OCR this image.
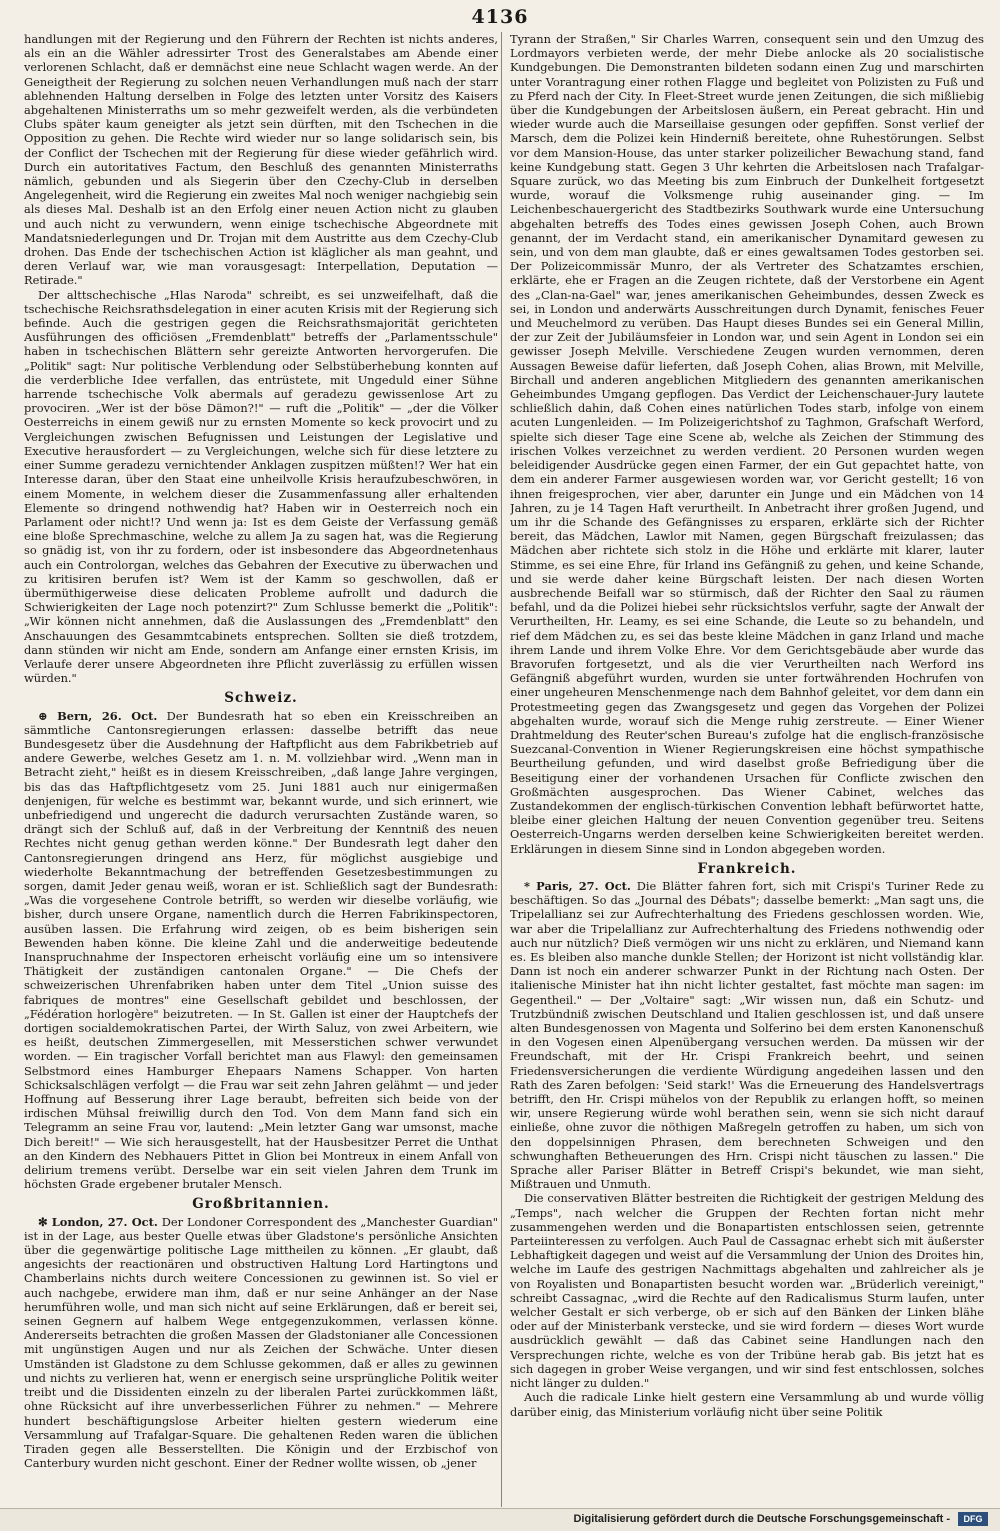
4136

handlungen mit der Regierung und den Führern der Rechten ist nichts anderes, als ein an die Wähler adressirter Trost des Generalstabes am Abende einer verlorenen Schlacht, daß er demnächst eine neue Schlacht wagen werde. An der Geneigtheit der Regierung zu solchen neuen Verhandlungen muß nach der starr ablehnenden Haltung derselben in Folge des letzten unter Vorsitz des Kaisers abgehaltenen Ministerraths um so mehr gezweifelt werden, als die verbündeten Clubs später kaum geneigter als jetzt sein dürften, mit den Tschechen in die Opposition zu gehen. Die Rechte wird wieder nur so lange solidarisch sein, bis der Conflict der Tschechen mit der Regierung für diese wieder gefährlich wird. Durch ein autoritatives Factum, den Beschluß des genannten Ministerraths nämlich, gebunden und als Siegerin über den Czechy-Club in derselben Angelegenheit, wird die Regierung ein zweites Mal noch weniger nachgiebig sein als dieses Mal. Deshalb ist an den Erfolg einer neuen Action nicht zu glauben und auch nicht zu verwundern, wenn einige tschechische Abgeordnete mit Mandatsniederlegungen und Dr. Trojan mit dem Austritte aus dem Czechy-Club drohen. Das Ende der tschechischen Action ist kläglicher als man geahnt, und deren Verlauf war, wie man vorausgesagt: Interpellation, Deputation — Retirade."

Der alttschechische „Hlas Naroda" schreibt, es sei unzweifelhaft, daß die tschechische Reichsrathsdelegation in einer acuten Krisis mit der Regierung sich befinde. Auch die gestrigen gegen die Reichsrathsmajorität gerichteten Ausführungen des officiösen „Fremdenblatt" betreffs der „Parlamentsschule" haben in tschechischen Blättern sehr gereizte Antworten hervorgerufen. Die „Politik" sagt: Nur politische Verblendung oder Selbstüberhebung konnten auf die verderbliche Idee verfallen, das entrüstete, mit Ungeduld einer Sühne harrende tschechische Volk abermals auf geradezu gewissenlose Art zu provociren. „Wer ist der böse Dämon?!" — ruft die „Politik" — „der die Völker Oesterreichs in einem gewiß nur zu ernsten Momente so keck provocirt und zu Vergleichungen zwischen Befugnissen und Leistungen der Legislative und Executive herausfordert — zu Vergleichungen, welche sich für diese letztere zu einer Summe geradezu vernichtender Anklagen zuspitzen müßten!? Wer hat ein Interesse daran, über den Staat eine unheilvolle Krisis heraufzubeschwören, in einem Momente, in welchem dieser die Zusammenfassung aller erhaltenden Elemente so dringend nothwendig hat? Haben wir in Oesterreich noch ein Parlament oder nicht!? Und wenn ja: Ist es dem Geiste der Verfassung gemäß eine bloße Sprechmaschine, welche zu allem Ja zu sagen hat, was die Regierung so gnädig ist, von ihr zu fordern, oder ist insbesondere das Abgeordnetenhaus auch ein Controlorgan, welches das Gebahren der Executive zu überwachen und zu kritisiren berufen ist? Wem ist der Kamm so geschwollen, daß er übermüthigerweise diese delicaten Probleme aufrollt und dadurch die Schwierigkeiten der Lage noch potenzirt?" Zum Schlusse bemerkt die „Politik": „Wir können nicht annehmen, daß die Auslassungen des „Fremdenblatt" den Anschauungen des Gesammtcabinets entsprechen. Sollten sie dieß trotzdem, dann stünden wir nicht am Ende, sondern am Anfange einer ernsten Krisis, im Verlaufe derer unsere Abgeordneten ihre Pflicht zuverlässig zu erfüllen wissen würden."

Schweiz.

⊕ Bern, 26. Oct. Der Bundesrath hat so eben ein Kreisschreiben an sämmtliche Cantonsregierungen erlassen: dasselbe betrifft das neue Bundesgesetz über die Ausdehnung der Haftpflicht aus dem Fabrikbetrieb auf andere Gewerbe, welches Gesetz am 1. n. M. vollziehbar wird. „Wenn man in Betracht zieht," heißt es in diesem Kreisschreiben, „daß lange Jahre vergingen, bis das das Haftpflichtgesetz vom 25. Juni 1881 auch nur einigermaßen denjenigen, für welche es bestimmt war, bekannt wurde, und sich erinnert, wie unbefriedigend und ungerecht die dadurch verursachten Zustände waren, so drängt sich der Schluß auf, daß in der Verbreitung der Kenntniß des neuen Rechtes nicht genug gethan werden könne." Der Bundesrath legt daher den Cantonsregierungen dringend ans Herz, für möglichst ausgiebige und wiederholte Bekanntmachung der betreffenden Gesetzesbestimmungen zu sorgen, damit Jeder genau weiß, woran er ist. Schließlich sagt der Bundesrath: „Was die vorgesehene Controle betrifft, so werden wir dieselbe vorläufig, wie bisher, durch unsere Organe, namentlich durch die Herren Fabrikinspectoren, ausüben lassen. Die Erfahrung wird zeigen, ob es beim bisherigen sein Bewenden haben könne. Die kleine Zahl und die anderweitige bedeutende Inanspruchnahme der Inspectoren erheischt vorläufig eine um so intensivere Thätigkeit der zuständigen cantonalen Organe." — Die Chefs der schweizerischen Uhrenfabriken haben unter dem Titel „Union suisse des fabriques de montres" eine Gesellschaft gebildet und beschlossen, der „Fédération horlogère" beizutreten. — In St. Gallen ist einer der Hauptchefs der dortigen socialdemokratischen Partei, der Wirth Saluz, von zwei Arbeitern, wie es heißt, deutschen Zimmergesellen, mit Messerstichen schwer verwundet worden. — Ein tragischer Vorfall berichtet man aus Flawyl: den gemeinsamen Selbstmord eines Hamburger Ehepaars Namens Schapper. Von harten Schicksalschlägen verfolgt — die Frau war seit zehn Jahren gelähmt — und jeder Hoffnung auf Besserung ihrer Lage beraubt, befreiten sich beide von der irdischen Mühsal freiwillig durch den Tod. Von dem Mann fand sich ein Telegramm an seine Frau vor, lautend: „Mein letzter Gang war umsonst, mache Dich bereit!" — Wie sich herausgestellt, hat der Hausbesitzer Perret die Unthat an den Kindern des Nebhauers Pittet in Glion bei Montreux in einem Anfall von delirium tremens verübt. Derselbe war ein seit vielen Jahren dem Trunk im höchsten Grade ergebener brutaler Mensch.

Großbritannien.

✻ London, 27. Oct. Der Londoner Correspondent des „Manchester Guardian" ist in der Lage, aus bester Quelle etwas über Gladstone's persönliche Ansichten über die gegenwärtige politische Lage mittheilen zu können. „Er glaubt, daß angesichts der reactionären und obstructiven Haltung Lord Hartingtons und Chamberlains nichts durch weitere Concessionen zu gewinnen ist. So viel er auch nachgebe, erwidere man ihm, daß er nur seine Anhänger an der Nase herumführen wolle, und man sich nicht auf seine Erklärungen, daß er bereit sei, seinen Gegnern auf halbem Wege entgegenzukommen, verlassen könne. Andererseits betrachten die großen Massen der Gladstonianer alle Concessionen mit ungünstigen Augen und nur als Zeichen der Schwäche. Unter diesen Umständen ist Gladstone zu dem Schlusse gekommen, daß er alles zu gewinnen und nichts zu verlieren hat, wenn er energisch seine ursprüngliche Politik weiter treibt und die Dissidenten einzeln zu der liberalen Partei zurückkommen läßt, ohne Rücksicht auf ihre unverbesserlichen Führer zu nehmen." — Mehrere hundert beschäftigungslose Arbeiter hielten gestern wiederum eine Versammlung auf Trafalgar-Square. Die gehaltenen Reden waren die üblichen Tiraden gegen alle Besserstellten. Die Königin und der Erzbischof von Canterbury wurden nicht geschont. Einer der Redner wollte wissen, ob „jener

Tyrann der Straßen," Sir Charles Warren, consequent sein und den Umzug des Lordmayors verbieten werde, der mehr Diebe anlocke als 20 socialistische Kundgebungen. Die Demonstranten bildeten sodann einen Zug und marschirten unter Vorantragung einer rothen Flagge und begleitet von Polizisten zu Fuß und zu Pferd nach der City. In Fleet-Street wurde jenen Zeitungen, die sich mißliebig über die Kundgebungen der Arbeitslosen äußern, ein Pereat gebracht. Hin und wieder wurde auch die Marseillaise gesungen oder gepfiffen. Sonst verlief der Marsch, dem die Polizei kein Hinderniß bereitete, ohne Ruhestörungen. Selbst vor dem Mansion-House, das unter starker polizeilicher Bewachung stand, fand keine Kundgebung statt. Gegen 3 Uhr kehrten die Arbeitslosen nach Trafalgar-Square zurück, wo das Meeting bis zum Einbruch der Dunkelheit fortgesetzt wurde, worauf die Volksmenge ruhig auseinander ging. — Im Leichenbeschauergericht des Stadtbezirks Southwark wurde eine Untersuchung abgehalten betreffs des Todes eines gewissen Joseph Cohen, auch Brown genannt, der im Verdacht stand, ein amerikanischer Dynamitard gewesen zu sein, und von dem man glaubte, daß er eines gewaltsamen Todes gestorben sei. Der Polizeicommissär Munro, der als Vertreter des Schatzamtes erschien, erklärte, ehe er Fragen an die Zeugen richtete, daß der Verstorbene ein Agent des „Clan-na-Gael" war, jenes amerikanischen Geheimbundes, dessen Zweck es sei, in London und anderwärts Ausschreitungen durch Dynamit, fenisches Feuer und Meuchelmord zu verüben. Das Haupt dieses Bundes sei ein General Millin, der zur Zeit der Jubiläumsfeier in London war, und sein Agent in London sei ein gewisser Joseph Melville. Verschiedene Zeugen wurden vernommen, deren Aussagen Beweise dafür lieferten, daß Joseph Cohen, alias Brown, mit Melville, Birchall und anderen angeblichen Mitgliedern des genannten amerikanischen Geheimbundes Umgang gepflogen. Das Verdict der Leichenschauer-Jury lautete schließlich dahin, daß Cohen eines natürlichen Todes starb, infolge von einem acuten Lungenleiden. — Im Polizeigerichtshof zu Taghmon, Grafschaft Werford, spielte sich dieser Tage eine Scene ab, welche als Zeichen der Stimmung des irischen Volkes verzeichnet zu werden verdient. 20 Personen wurden wegen beleidigender Ausdrücke gegen einen Farmer, der ein Gut gepachtet hatte, von dem ein anderer Farmer ausgewiesen worden war, vor Gericht gestellt; 16 von ihnen freigesprochen, vier aber, darunter ein Junge und ein Mädchen von 14 Jahren, zu je 14 Tagen Haft verurtheilt. In Anbetracht ihrer großen Jugend, und um ihr die Schande des Gefängnisses zu ersparen, erklärte sich der Richter bereit, das Mädchen, Lawlor mit Namen, gegen Bürgschaft freizulassen; das Mädchen aber richtete sich stolz in die Höhe und erklärte mit klarer, lauter Stimme, es sei eine Ehre, für Irland ins Gefängniß zu gehen, und keine Schande, und sie werde daher keine Bürgschaft leisten. Der nach diesen Worten ausbrechende Beifall war so stürmisch, daß der Richter den Saal zu räumen befahl, und da die Polizei hiebei sehr rücksichtslos verfuhr, sagte der Anwalt der Verurtheilten, Hr. Leamy, es sei eine Schande, die Leute so zu behandeln, und rief dem Mädchen zu, es sei das beste kleine Mädchen in ganz Irland und mache ihrem Lande und ihrem Volke Ehre. Vor dem Gerichtsgebäude aber wurde das Bravorufen fortgesetzt, und als die vier Verurtheilten nach Werford ins Gefängniß abgeführt wurden, wurden sie unter fortwährenden Hochrufen von einer ungeheuren Menschenmenge nach dem Bahnhof geleitet, vor dem dann ein Protestmeeting gegen das Zwangsgesetz und gegen das Vorgehen der Polizei abgehalten wurde, worauf sich die Menge ruhig zerstreute. — Einer Wiener Drahtmeldung des Reuter'schen Bureau's zufolge hat die englisch-französische Suezcanal-Convention in Wiener Regierungskreisen eine höchst sympathische Beurtheilung gefunden, und wird daselbst große Befriedigung über die Beseitigung einer der vorhandenen Ursachen für Conflicte zwischen den Großmächten ausgesprochen. Das Wiener Cabinet, welches das Zustandekommen der englisch-türkischen Convention lebhaft befürwortet hatte, bleibe einer gleichen Haltung der neuen Convention gegenüber treu. Seitens Oesterreich-Ungarns werden derselben keine Schwierigkeiten bereitet werden. Erklärungen in diesem Sinne sind in London abgegeben worden.

Frankreich.

* Paris, 27. Oct. Die Blätter fahren fort, sich mit Crispi's Turiner Rede zu beschäftigen. So das „Journal des Débats"; dasselbe bemerkt: „Man sagt uns, die Tripelallianz sei zur Aufrechterhaltung des Friedens geschlossen worden. Wie, war aber die Tripelallianz zur Aufrechterhaltung des Friedens nothwendig oder auch nur nützlich? Dieß vermögen wir uns nicht zu erklären, und Niemand kann es. Es bleiben also manche dunkle Stellen; der Horizont ist nicht vollständig klar. Dann ist noch ein anderer schwarzer Punkt in der Richtung nach Osten. Der italienische Minister hat ihn nicht lichter gestaltet, fast möchte man sagen: im Gegentheil." — Der „Voltaire" sagt: „Wir wissen nun, daß ein Schutz- und Trutzbündniß zwischen Deutschland und Italien geschlossen ist, und daß unsere alten Bundesgenossen von Magenta und Solferino bei dem ersten Kanonenschuß in den Vogesen einen Alpenübergang versuchen werden. Da müssen wir der Freundschaft, mit der Hr. Crispi Frankreich beehrt, und seinen Friedensversicherungen die verdiente Würdigung angedeihen lassen und den Rath des Zaren befolgen: 'Seid stark!' Was die Erneuerung des Handelsvertrags betrifft, den Hr. Crispi mühelos von der Republik zu erlangen hofft, so meinen wir, unsere Regierung würde wohl berathen sein, wenn sie sich nicht darauf einließe, ohne zuvor die nöthigen Maßregeln getroffen zu haben, um sich von den doppelsinnigen Phrasen, dem berechneten Schweigen und den schwunghaften Betheuerungen des Hrn. Crispi nicht täuschen zu lassen." Die Sprache aller Pariser Blätter in Betreff Crispi's bekundet, wie man sieht, Mißtrauen und Unmuth.

Die conservativen Blätter bestreiten die Richtigkeit der gestrigen Meldung des „Temps", nach welcher die Gruppen der Rechten fortan nicht mehr zusammengehen werden und die Bonapartisten entschlossen seien, getrennte Parteiinteressen zu verfolgen. Auch Paul de Cassagnac erhebt sich mit äußerster Lebhaftigkeit dagegen und weist auf die Versammlung der Union des Droites hin, welche im Laufe des gestrigen Nachmittags abgehalten und zahlreicher als je von Royalisten und Bonapartisten besucht worden war. „Brüderlich vereinigt," schreibt Cassagnac, „wird die Rechte auf den Radicalismus Sturm laufen, unter welcher Gestalt er sich verberge, ob er sich auf den Bänken der Linken blähe oder auf der Ministerbank verstecke, und sie wird fordern — dieses Wort wurde ausdrücklich gewählt — daß das Cabinet seine Handlungen nach den Versprechungen richte, welche es von der Tribüne herab gab. Bis jetzt hat es sich dagegen in grober Weise vergangen, und wir sind fest entschlossen, solches nicht länger zu dulden."

Auch die radicale Linke hielt gestern eine Versammlung ab und wurde völlig darüber einig, das Ministerium vorläufig nicht über seine Politik

Digitalisierung gefördert durch die Deutsche Forschungsgemeinschaft -	DFG
